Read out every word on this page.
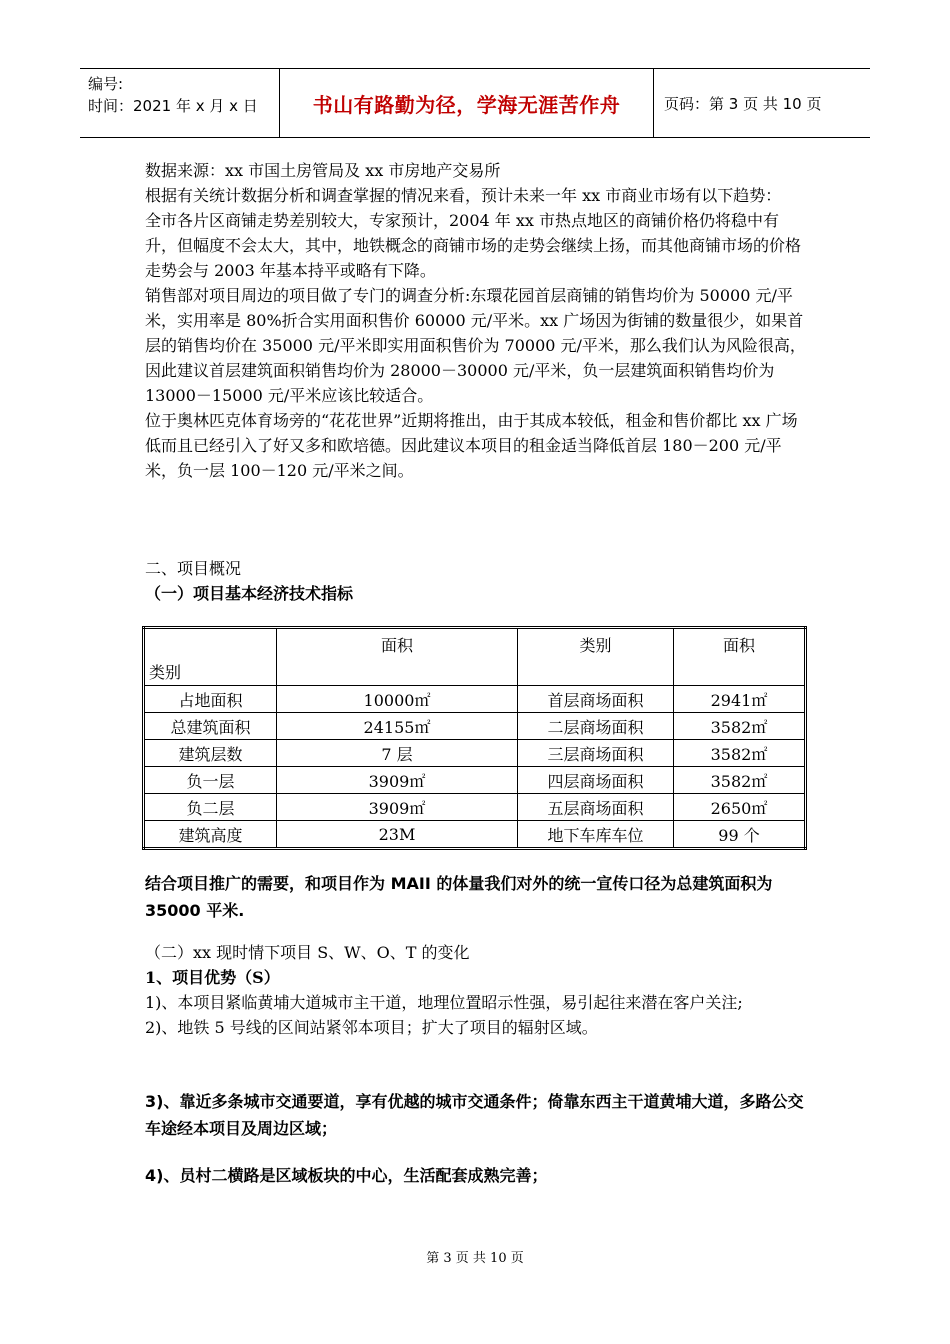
编号:
时间：2021 年 x 月 x 日	书山有路勤为径，学海无涯苦作舟	页码：第 3 页 共 10 页

数据来源：xx 市国土房管局及 xx 市房地产交易所

根据有关统计数据分析和调查掌握的情况来看，预计未来一年 xx 市商业市场有以下趋势：

全市各片区商铺走势差别较大，专家预计，2004 年 xx 市热点地区的商铺价格仍将稳中有升，但幅度不会太大，其中，地铁概念的商铺市场的走势会继续上扬，而其他商铺市场的价格走势会与 2003 年基本持平或略有下降。

销售部对项目周边的项目做了专门的调查分析:东環花园首层商铺的销售均价为 50000 元/平米，实用率是 80%折合实用面积售价 60000 元/平米。xx 广场因为街铺的数量很少，如果首层的销售均价在 35000 元/平米即实用面积售价为 70000 元/平米，那么我们认为风险很高，因此建议首层建筑面积销售均价为 28000－30000 元/平米，负一层建筑面积销售均价为 13000－15000 元/平米应该比较适合。

位于奥林匹克体育场旁的“花花世界”近期将推出，由于其成本较低，租金和售价都比 xx 广场低而且已经引入了好又多和欧培德。因此建议本项目的租金适当降低首层 180－200 元/平米，负一层 100－120 元/平米之间。

二、项目概况

（一）项目基本经济技术指标

类别	面积	类别	面积
占地面积	10000㎡	首层商场面积	2941㎡
总建筑面积	24155㎡	二层商场面积	3582㎡
建筑层数	7 层	三层商场面积	3582㎡
负一层	3909㎡	四层商场面积	3582㎡
负二层	3909㎡	五层商场面积	2650㎡
建筑高度	23M	地下车库车位	99 个
结合项目推广的需要，和项目作为 MAII 的体量我们对外的统一宣传口径为总建筑面积为 35000 平米.

（二）xx 现时情下项目 S、W、O、T 的变化

1、项目优势（S）

1)、本项目紧临黄埔大道城市主干道，地理位置昭示性强，易引起往来潜在客户关注;

2)、地铁 5 号线的区间站紧邻本项目；扩大了项目的辐射区域。

3)、靠近多条城市交通要道，享有优越的城市交通条件；倚靠东西主干道黄埔大道，多路公交车途经本项目及周边区域；
4)、员村二横路是区域板块的中心，生活配套成熟完善；
第 3 页 共 10 页
